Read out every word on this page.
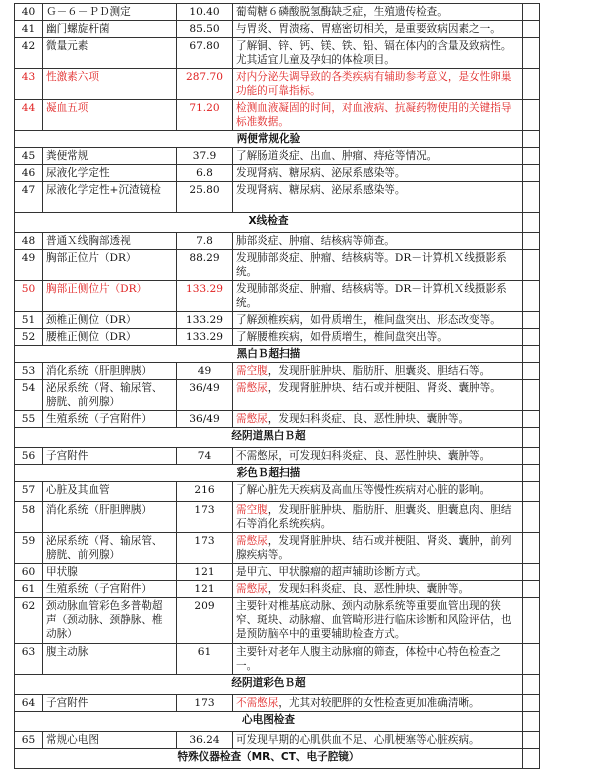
40	Ｇ－６－ＰＤ测定	10.40	葡萄糖６磷酸脱氢酶缺乏症，生殖遗传检查。	
41	幽门螺旋杆菌	85.50	与胃炎、胃溃疡、胃癌密切相关，是重要致病因素之一。	
42	微量元素	67.80	了解铜、锌、钙、镁、铁、铅、镉在体内的含量及致病性。尤其适宜儿童及孕妇的体检项目。	
43	性激素六项	287.70	对内分泌失调导致的各类疾病有辅助参考意义，是女性卵巢功能的可靠指标。	
44	凝血五项	71.20	检测血液凝固的时间，对血液病、抗凝药物使用的关键指导标准数据。	
两便常规化验				
45	粪便常规	37.9	了解肠道炎症、出血、肿瘤、痔疮等情况。	
46	尿液化学定性	6.8	发现肾病、糖尿病、泌尿系感染等。	
47	尿液化学定性+沉渣镜检	25.80	发现肾病、糖尿病、泌尿系感染等。	
X线检查				
48	普通Ｘ线胸部透视	7.8	肺部炎症、肿瘤、结核病等筛查。	
49	胸部正位片（DR）	88.29	发现肺部炎症、肿瘤、结核病等。DR－计算机Ｘ线摄影系统。	
50	胸部正侧位片（DR）	133.29	发现肺部炎症、肿瘤、结核病等。DR－计算机Ｘ线摄影系统。	
51	颈椎正侧位（DR）	133.29	了解颈椎疾病，如骨质增生，椎间盘突出、形态改变等。	
52	腰椎正侧位（DR）	133.29	了解腰椎疾病，如骨质增生，椎间盘突出等。	
黑白Ｂ超扫描				
53	消化系统（肝胆脾胰）	49	需空腹，发现肝脏肿块、脂肪肝、胆囊炎、胆结石等。	
54	泌尿系统（肾、输尿管、膀胱、前列腺）	36/49	需憋尿，发现肾脏肿块、结石或并梗阻、肾炎、囊肿等。	
55	生殖系统（子宫附件）	36/49	需憋尿，发现妇科炎症、良、恶性肿块、囊肿等。	
经阴道黑白Ｂ超				
56	子宫附件	74	不需憋尿，可发现妇科炎症、良、恶性肿块、囊肿等。	
彩色Ｂ超扫描				
57	心脏及其血管	216	了解心脏先天疾病及高血压等慢性疾病对心脏的影响。	
58	消化系统（肝胆脾胰）	173	需空腹，发现肝脏肿块、脂肪肝、胆囊炎、胆囊息肉、胆结石等消化系统疾病。	
59	泌尿系统（肾、输尿管、膀胱、前列腺）	173	需憋尿，发现肾脏肿块、结石或并梗阻、肾炎、囊肿，前列腺疾病等。	
60	甲状腺	121	是甲亢、甲状腺瘤的超声辅助诊断方式。	
61	生殖系统（子宫附件）	121	需憋尿，发现妇科炎症、良、恶性肿块、囊肿等。	
62	颈动脉血管彩色多普勒超声（颈动脉、颈静脉、椎动脉）	209	主要针对椎基底动脉、颈内动脉系统等重要血管出现的狭窄、斑块、动脉瘤、血管畸形进行临床诊断和风险评估，也是预防脑卒中的重要辅助检查方式。	
63	腹主动脉	61	主要针对老年人腹主动脉瘤的筛查，体检中心特色检查之一。	
经阴道彩色Ｂ超				
64	子宫附件	173	不需憋尿，尤其对较肥胖的女性检查更加准确清晰。	
心电图检查				
65	常规心电图	36.24	可发现早期的心肌供血不足、心肌梗塞等心脏疾病。	
特殊仪器检查（MR、CT、电子腔镜）				
